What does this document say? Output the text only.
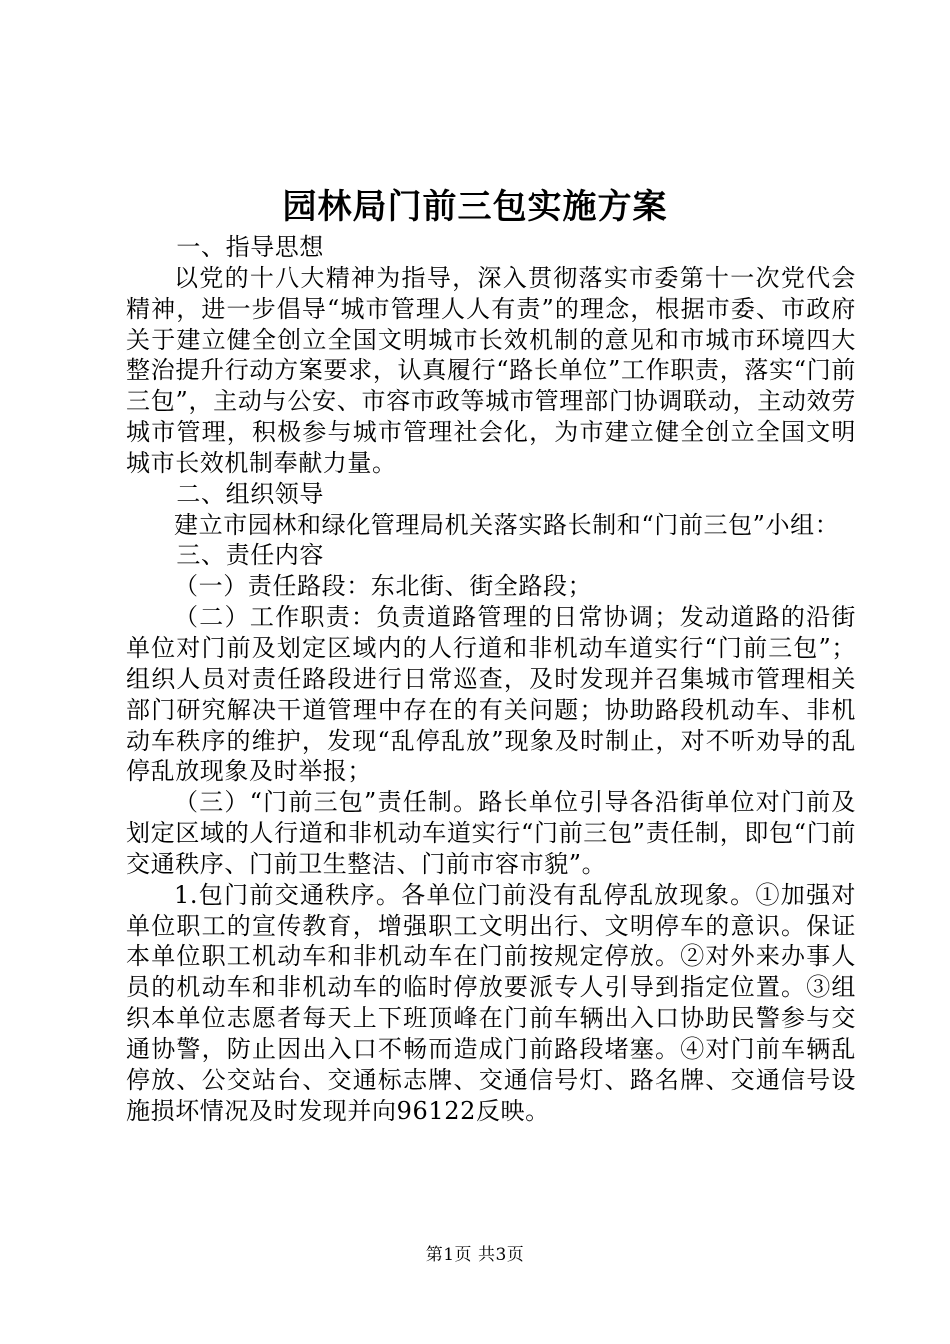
园林局门前三包实施方案

一、指导思想

以党的十八大精神为指导，深入贯彻落实市委第十一次党代会精神，进一步倡导“城市管理人人有责”的理念，根据市委、市政府关于建立健全创立全国文明城市长效机制的意见和市城市环境四大整治提升行动方案要求，认真履行“路长单位”工作职责，落实“门前三包”，主动与公安、市容市政等城市管理部门协调联动，主动效劳城市管理，积极参与城市管理社会化，为市建立健全创立全国文明城市长效机制奉献力量。

二、组织领导

建立市园林和绿化管理局机关落实路长制和“门前三包”小组：

三、责任内容

（一）责任路段：东北街、街全路段；

（二）工作职责：负责道路管理的日常协调；发动道路的沿街单位对门前及划定区域内的人行道和非机动车道实行“门前三包”；组织人员对责任路段进行日常巡查，及时发现并召集城市管理相关部门研究解决干道管理中存在的有关问题；协助路段机动车、非机动车秩序的维护，发现“乱停乱放”现象及时制止，对不听劝导的乱停乱放现象及时举报；

（三）“门前三包”责任制。路长单位引导各沿街单位对门前及划定区域的人行道和非机动车道实行“门前三包”责任制，即包“门前交通秩序、门前卫生整洁、门前市容市貌”。

1.包门前交通秩序。各单位门前没有乱停乱放现象。①加强对单位职工的宣传教育，增强职工文明出行、文明停车的意识。保证本单位职工机动车和非机动车在门前按规定停放。②对外来办事人员的机动车和非机动车的临时停放要派专人引导到指定位置。③组织本单位志愿者每天上下班顶峰在门前车辆出入口协助民警参与交通协警，防止因出入口不畅而造成门前路段堵塞。④对门前车辆乱停放、公交站台、交通标志牌、交通信号灯、路名牌、交通信号设施损坏情况及时发现并向96122反映。

第1页 共3页
